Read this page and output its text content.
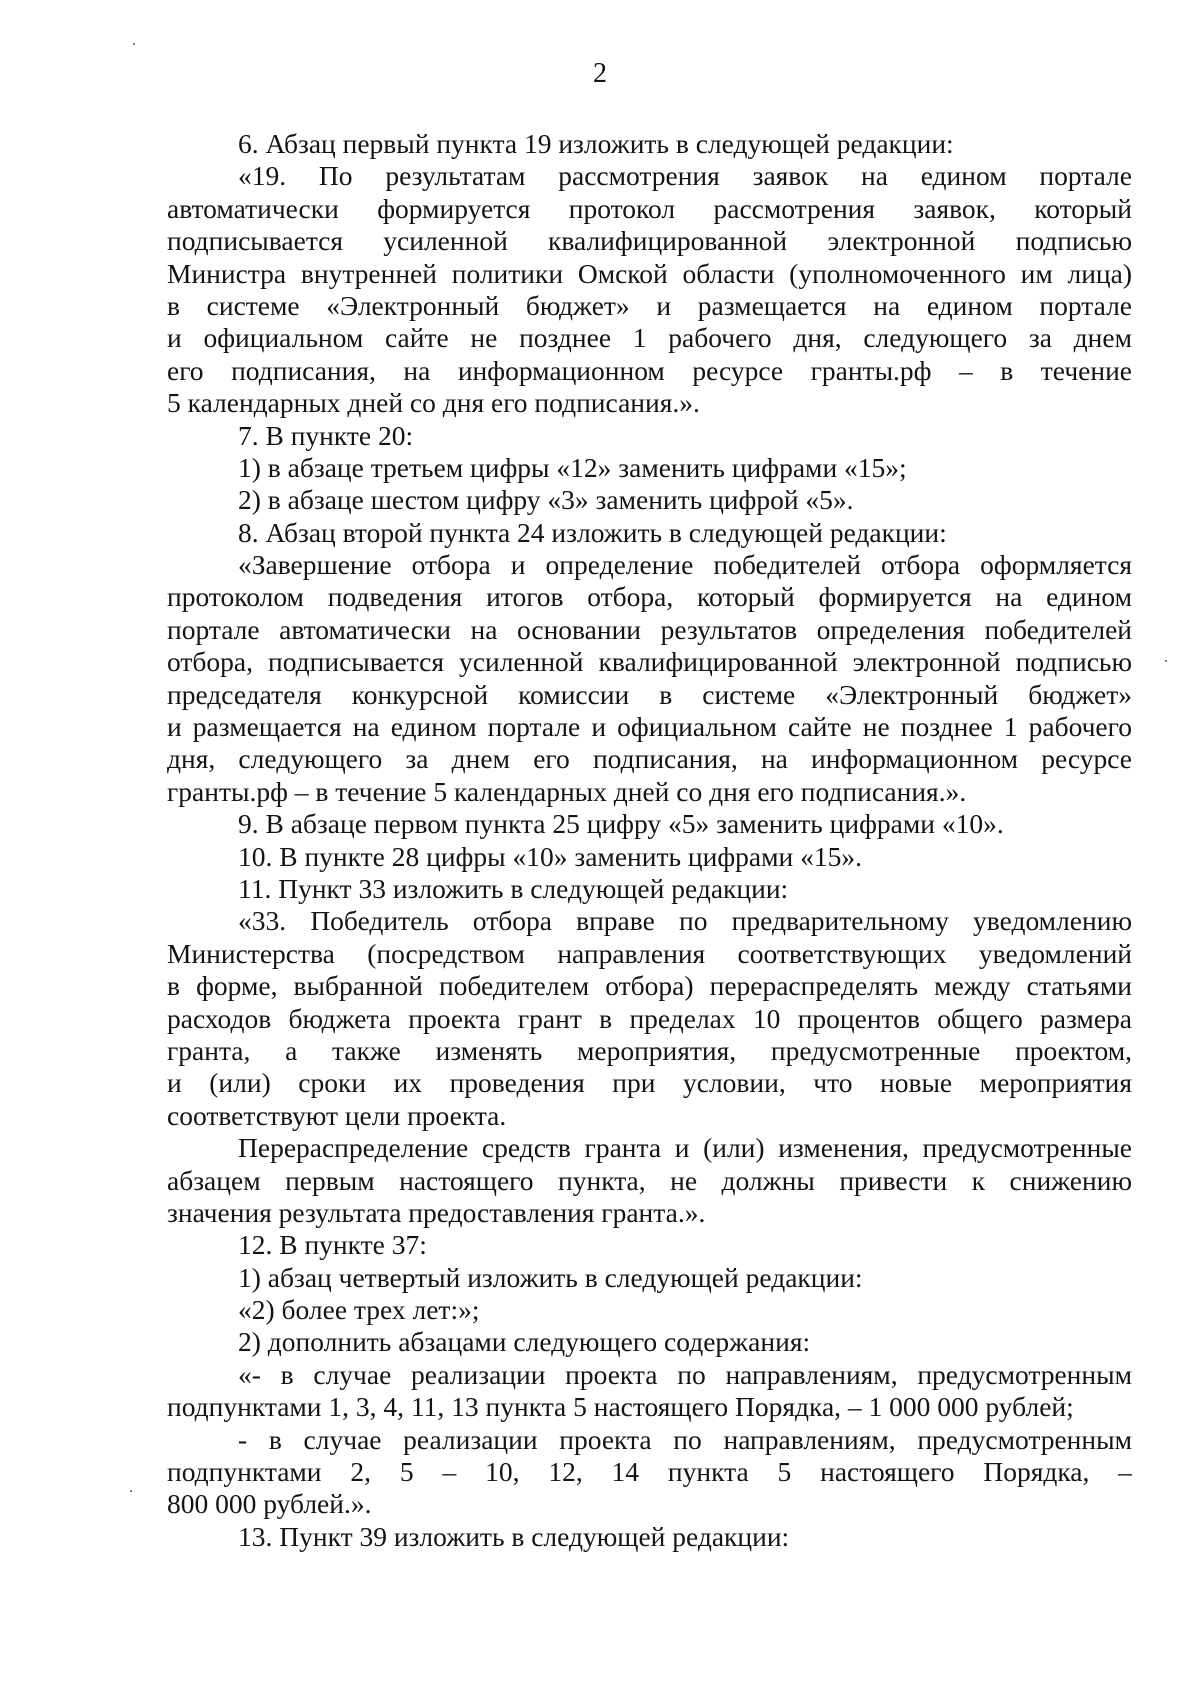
2
6. Абзац первый пункта 19 изложить в следующей редакции:
«19. По результатам рассмотрения заявок на едином портале
автоматически формируется протокол рассмотрения заявок, который
подписывается усиленной квалифицированной электронной подписью
Министра внутренней политики Омской области (уполномоченного им лица)
в системе «Электронный бюджет» и размещается на едином портале
и официальном сайте не позднее 1 рабочего дня, следующего за днем
его подписания, на информационном ресурсе гранты.рф – в течение
5 календарных дней со дня его подписания.».
7. В пункте 20:
1) в абзаце третьем цифры «12» заменить цифрами «15»;
2) в абзаце шестом цифру «3» заменить цифрой «5».
8. Абзац второй пункта 24 изложить в следующей редакции:
«Завершение отбора и определение победителей отбора оформляется
протоколом подведения итогов отбора, который формируется на едином
портале автоматически на основании результатов определения победителей
отбора, подписывается усиленной квалифицированной электронной подписью
председателя конкурсной комиссии в системе «Электронный бюджет»
и размещается на едином портале и официальном сайте не позднее 1 рабочего
дня, следующего за днем его подписания, на информационном ресурсе
гранты.рф – в течение 5 календарных дней со дня его подписания.».
9. В абзаце первом пункта 25 цифру «5» заменить цифрами «10».
10. В пункте 28 цифры «10» заменить цифрами «15».
11. Пункт 33 изложить в следующей редакции:
«33. Победитель отбора вправе по предварительному уведомлению
Министерства (посредством направления соответствующих уведомлений
в форме, выбранной победителем отбора) перераспределять между статьями
расходов бюджета проекта грант в пределах 10 процентов общего размера
гранта, а также изменять мероприятия, предусмотренные проектом,
и (или) сроки их проведения при условии, что новые мероприятия
соответствуют цели проекта.
Перераспределение средств гранта и (или) изменения, предусмотренные
абзацем первым настоящего пункта, не должны привести к снижению
значения результата предоставления гранта.».
12. В пункте 37:
1) абзац четвертый изложить в следующей редакции:
«2) более трех лет:»;
2) дополнить абзацами следующего содержания:
«- в случае реализации проекта по направлениям, предусмотренным
подпунктами 1, 3, 4, 11, 13 пункта 5 настоящего Порядка, – 1 000 000 рублей;
- в случае реализации проекта по направлениям, предусмотренным
подпунктами 2, 5 – 10, 12, 14 пункта 5 настоящего Порядка, –
800 000 рублей.».
13. Пункт 39 изложить в следующей редакции:
